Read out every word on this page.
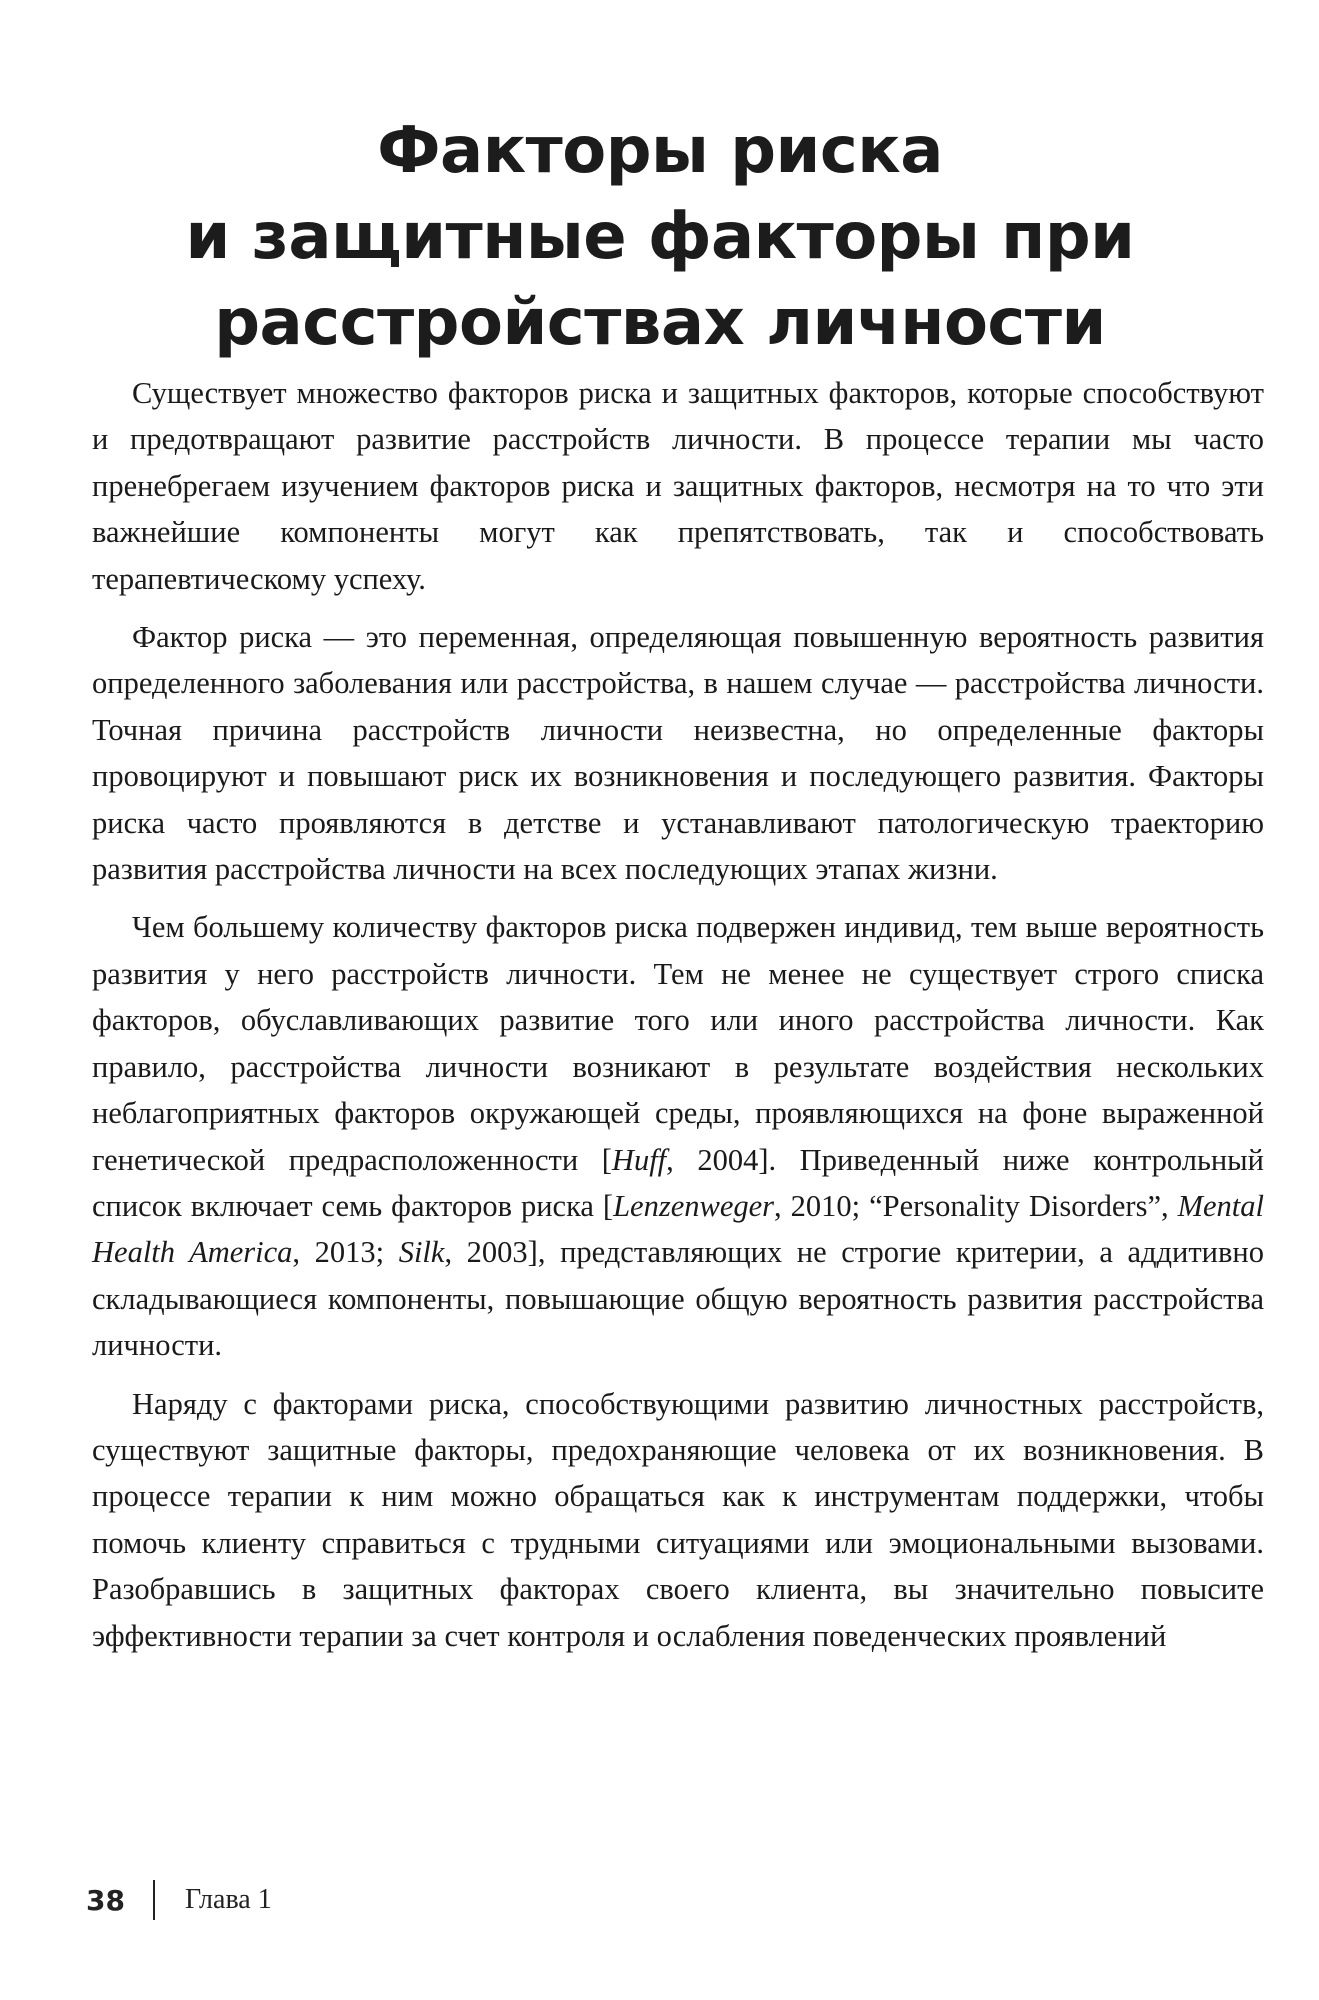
Факторы риска
и защитные факторы при
расстройствах личности

Существует множество факторов риска и защитных факторов, которые способствуют и предотвращают развитие расстройств личности. В процессе терапии мы часто пренебрегаем изучением факторов риска и защитных факторов, несмотря на то что эти важнейшие компоненты могут как препятствовать, так и способствовать терапевтическому успеху.

Фактор риска — это переменная, определяющая повышенную вероятность развития определенного заболевания или расстройства, в нашем случае — расстройства личности. Точная причина расстройств личности неизвестна, но определенные факторы провоцируют и повышают риск их возникновения и последующего развития. Факторы риска часто проявляются в детстве и устанавливают патологическую траекторию развития расстройства личности на всех последующих этапах жизни.

Чем большему количеству факторов риска подвержен индивид, тем выше вероятность развития у него расстройств личности. Тем не менее не существует строго списка факторов, обуславливающих развитие того или иного расстройства личности. Как правило, расстройства личности возникают в результате воздействия нескольких неблагоприятных факторов окружающей среды, проявляющихся на фоне выраженной генетической предрасположенности [Huff, 2004]. Приведенный ниже контрольный список включает семь факторов риска [Lenzenweger, 2010; “Personality Disorders”, Mental Health America, 2013; Silk, 2003], представляющих не строгие критерии, а аддитивно складывающиеся компоненты, повышающие общую вероятность развития расстройства личности.

Наряду с факторами риска, способствующими развитию личностных расстройств, существуют защитные факторы, предохраняющие человека от их возникновения. В процессе терапии к ним можно обращаться как к инструментам поддержки, чтобы помочь клиенту справиться с трудными ситуациями или эмоциональными вызовами. Разобравшись в защитных факторах своего клиента, вы значительно повысите эффективности терапии за счет контроля и ослабления поведенческих проявлений

38 Глава 1
